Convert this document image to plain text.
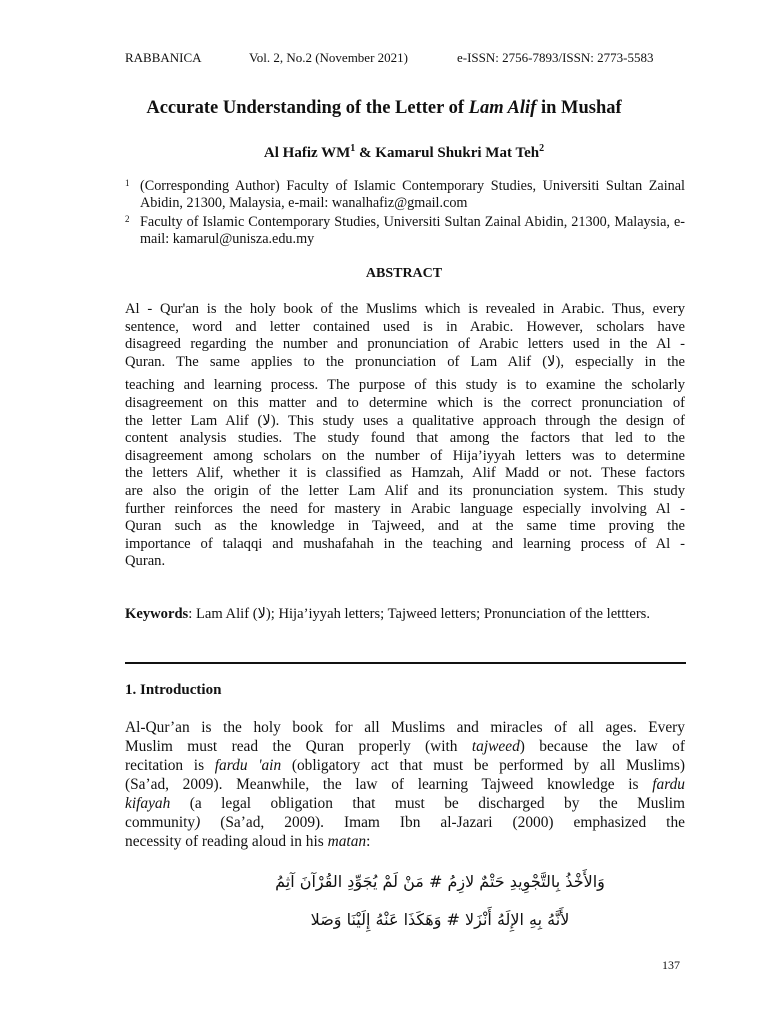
RABBANICA	Vol. 2, No.2 (November 2021)	e-ISSN: 2756-7893/ISSN: 2773-5583
Accurate Understanding of the Letter of Lam Alif in Mushaf
Al Hafiz $WM^1$ & Kamarul Shukri Mat Teh$^2$
1 (Corresponding Author) Faculty of Islamic Contemporary Studies, Universiti Sultan Zainal Abidin, 21300, Malaysia, e-mail: wanalhafiz@gmail.com
2 Faculty of Islamic Contemporary Studies, Universiti Sultan Zainal Abidin, 21300, Malaysia, e-mail: kamarul@unisza.edu.my
ABSTRACT
Al - Qur'an is the holy book of the Muslims which is revealed in Arabic. Thus, every
sentence, word and letter contained used is in Arabic. However, scholars have
disagreed regarding the number and pronunciation of Arabic letters used in the Al -
Quran. The same applies to the pronunciation of Lam Alif (لا), especially in the
teaching and learning process. The purpose of this study is to examine the scholarly
disagreement on this matter and to determine which is the correct pronunciation of
the letter Lam Alif (لا). This study uses a qualitative approach through the design of
content analysis studies. The study found that among the factors that led to the
disagreement among scholars on the number of Hija’iyyah letters was to determine
the letters Alif, whether it is classified as Hamzah, Alif Madd or not. These factors
are also the origin of the letter Lam Alif and its pronunciation system. This study
further reinforces the need for mastery in Arabic language especially involving Al -
Quran such as the knowledge in Tajweed, and at the same time proving the
importance of talaqqi and mushafahah in the teaching and learning process of Al -
Quran.
Keywords: Lam Alif (لا); Hija’iyyah letters; Tajweed letters; Pronunciation of the lettters.
1. Introduction
Al-Qur’an is the holy book for all Muslims and miracles of all ages. Every
Muslim must read the Quran properly (with tajweed) because the law of
recitation is fardu 'ain (obligatory act that must be performed by all Muslims)
(Sa’ad, 2009). Meanwhile, the law of learning Tajweed knowledge is fardu
kifayah (a legal obligation that must be discharged by the Muslim
community) (Sa’ad, 2009). Imam Ibn al-Jazari (2000) emphasized the
necessity of reading aloud in his matan:
وَالأَخْذُ بِالتَّجْوِيدِ حَتْمٌ لازِمُ # مَنْ لَمْ يُجَوِّدِ القُرْآنَ آثِمُ
لأَنَّهُ بِهِ الإِلَهُ أَنْزَلا # وَهَكَذَا عَنْهُ إِلَيْنَا وَصَلا
137
